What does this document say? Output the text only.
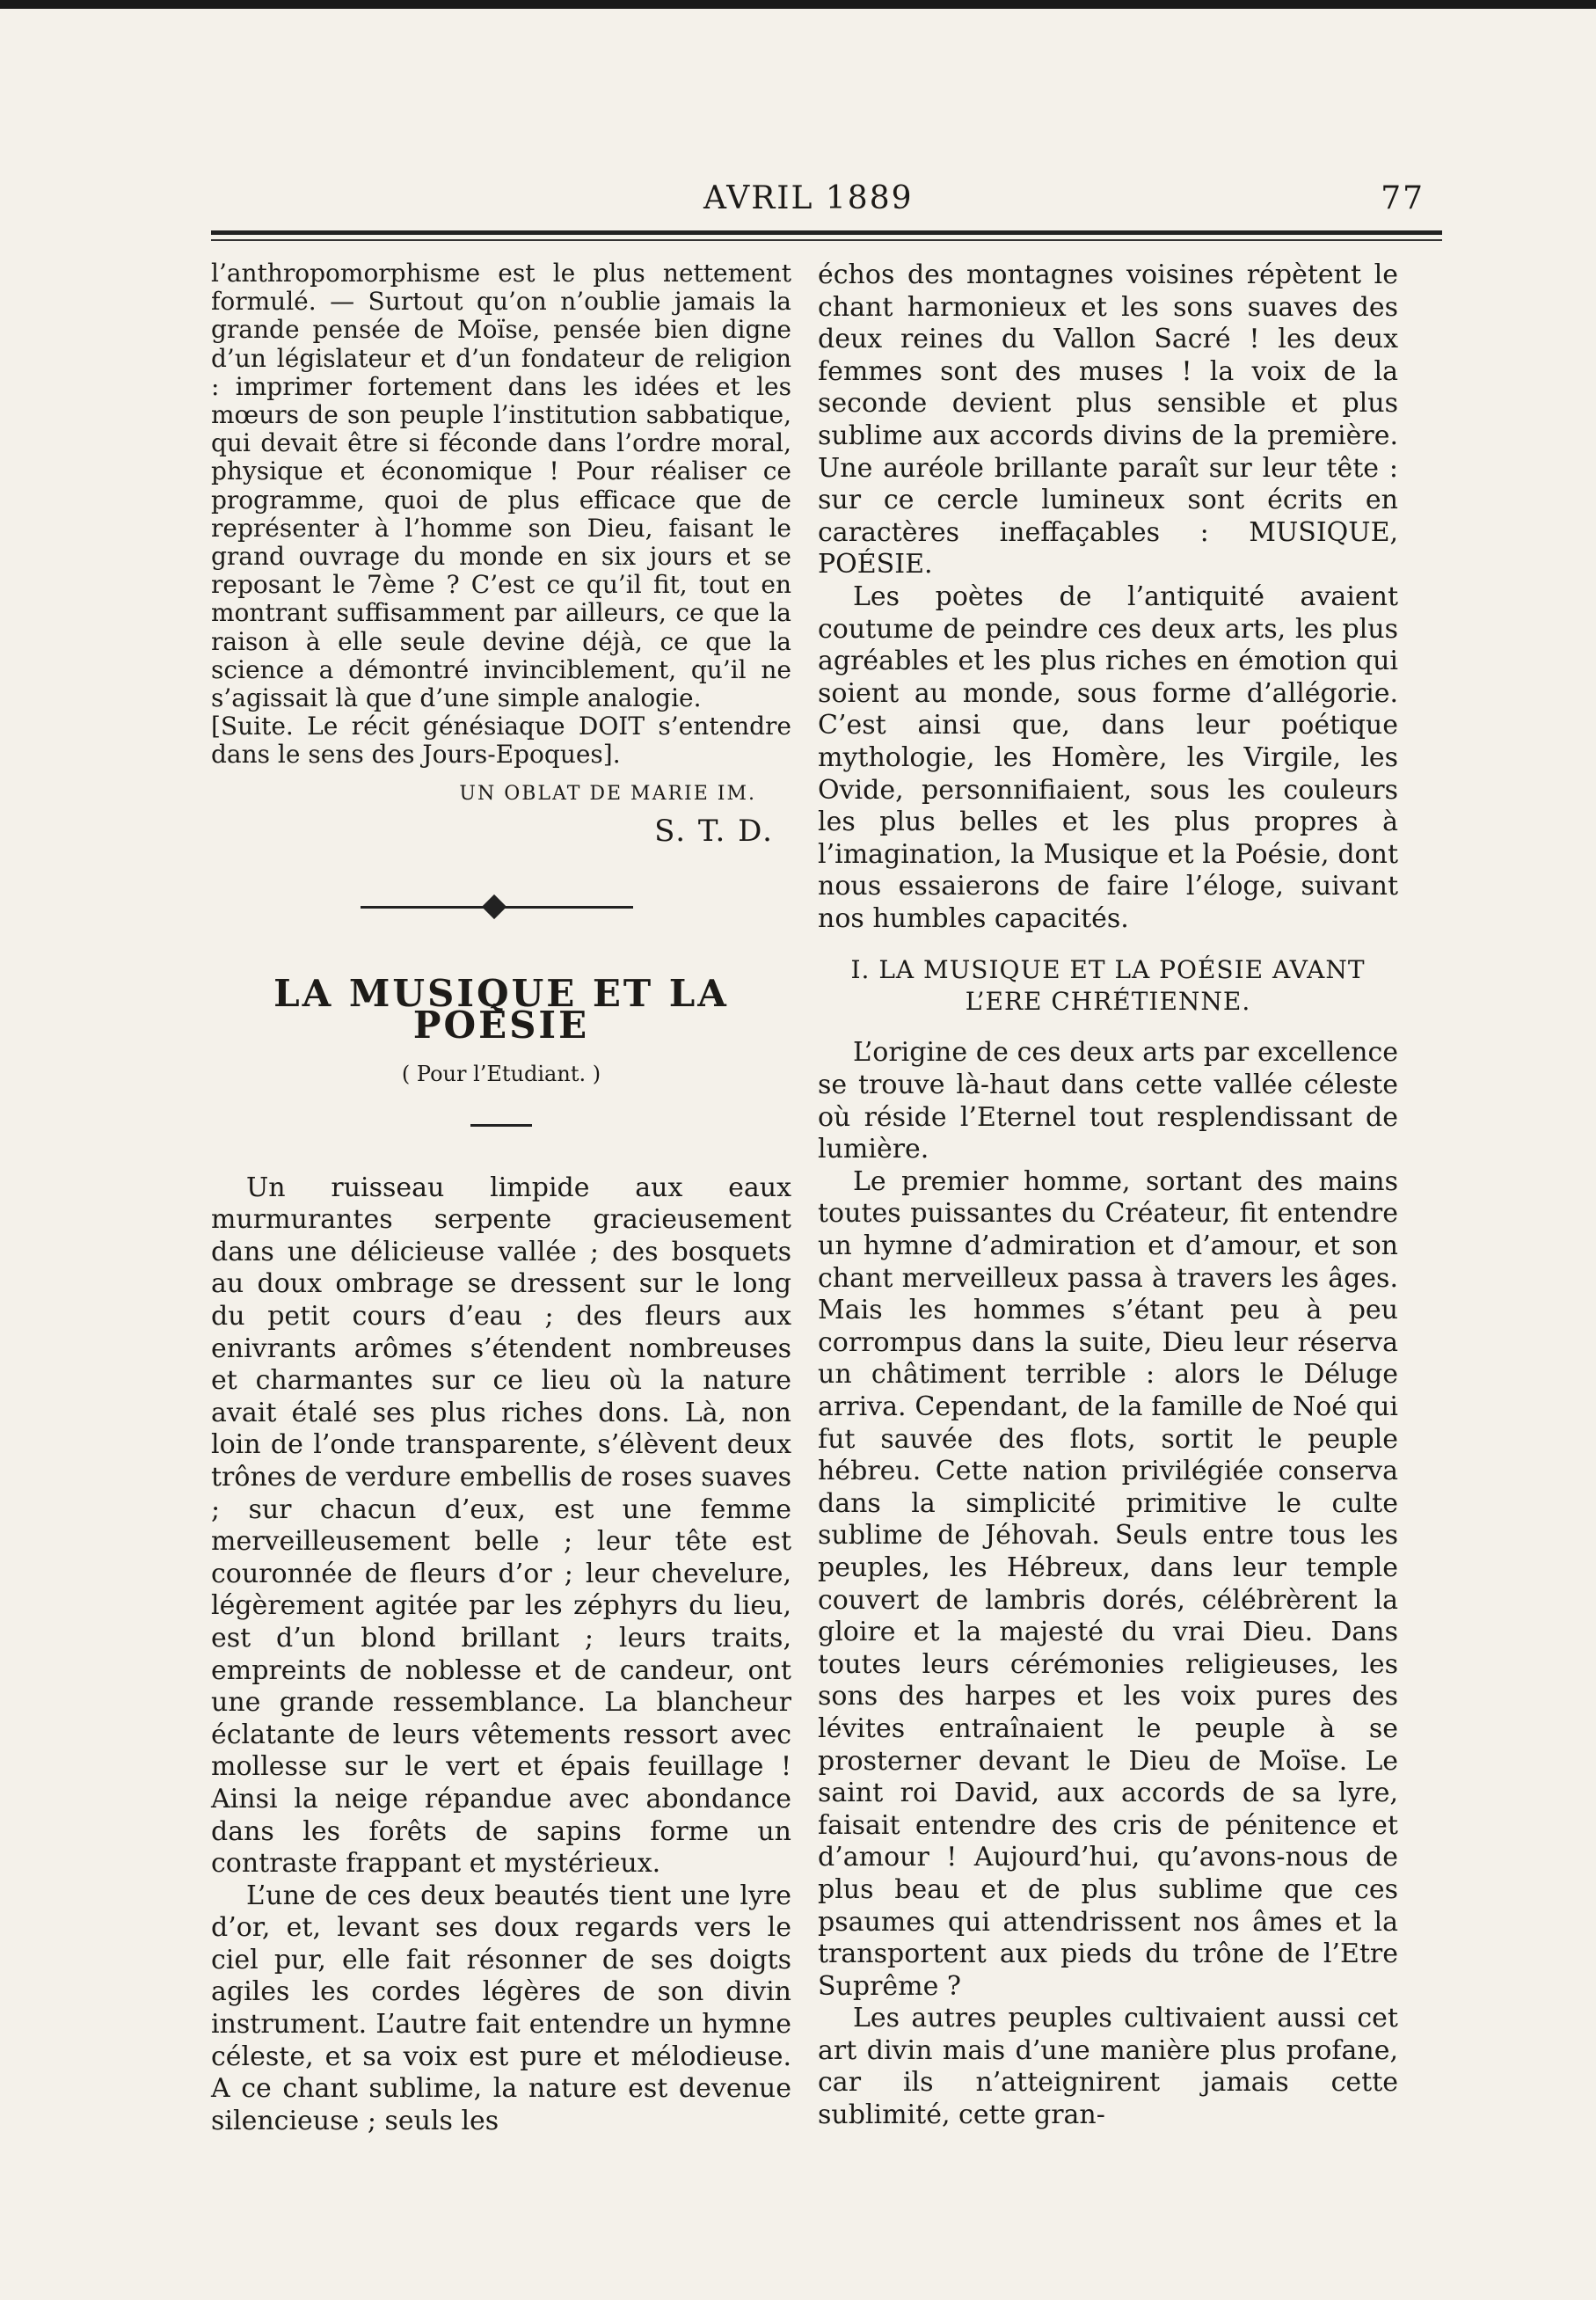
AVRIL 1889	77

l’anthropomorphisme est le plus nettement formulé. — Surtout qu’on n’oublie jamais la grande pensée de Moïse, pensée bien digne d’un législateur et d’un fondateur de religion : imprimer fortement dans les idées et les mœurs de son peuple l’institution sabbatique, qui devait être si féconde dans l’ordre moral, physique et économique ! Pour réaliser ce programme, quoi de plus efficace que de représenter à l’homme son Dieu, faisant le grand ouvrage du monde en six jours et se reposant le 7ème ? C’est ce qu’il fit, tout en montrant suffisamment par ailleurs, ce que la raison à elle seule devine déjà, ce que la science a démontré invinciblement, qu’il ne s’agissait là que d’une simple analogie.

[Suite. Le récit génésiaque DOIT s’entendre dans le sens des Jours-Epoques].

UN OBLAT DE MARIE IM.
S. T. D.
LA MUSIQUE ET LA POÉSIE
( Pour l’Etudiant. )

Un ruisseau limpide aux eaux murmurantes serpente gracieusement dans une délicieuse vallée ; des bosquets au doux ombrage se dressent sur le long du petit cours d’eau ; des fleurs aux enivrants arômes s’étendent nombreuses et charmantes sur ce lieu où la nature avait étalé ses plus riches dons. Là, non loin de l’onde transparente, s’élèvent deux trônes de verdure embellis de roses suaves ; sur chacun d’eux, est une femme merveilleusement belle ; leur tête est couronnée de fleurs d’or ; leur chevelure, légèrement agitée par les zéphyrs du lieu, est d’un blond brillant ; leurs traits, empreints de noblesse et de candeur, ont une grande ressemblance. La blancheur éclatante de leurs vêtements ressort avec mollesse sur le vert et épais feuillage ! Ainsi la neige répandue avec abondance dans les forêts de sapins forme un contraste frappant et mystérieux.

L’une de ces deux beautés tient une lyre d’or, et, levant ses doux regards vers le ciel pur, elle fait résonner de ses doigts agiles les cordes légères de son divin instrument. L’autre fait entendre un hymne céleste, et sa voix est pure et mélodieuse. A ce chant sublime, la nature est devenue silencieuse ; seuls les

échos des montagnes voisines répètent le chant harmonieux et les sons suaves des deux reines du Vallon Sacré ! les deux femmes sont des muses ! la voix de la seconde devient plus sensible et plus sublime aux accords divins de la première. Une auréole brillante paraît sur leur tête : sur ce cercle lumineux sont écrits en caractères ineffaçables : MUSIQUE, POÉSIE.

Les poètes de l’antiquité avaient coutume de peindre ces deux arts, les plus agréables et les plus riches en émotion qui soient au monde, sous forme d’allégorie. C’est ainsi que, dans leur poétique mythologie, les Homère, les Virgile, les Ovide, personnifiaient, sous les couleurs les plus belles et les plus propres à l’imagination, la Musique et la Poésie, dont nous essaierons de faire l’éloge, suivant nos humbles capacités.

I. LA MUSIQUE ET LA POÉSIE AVANT L’ERE CHRÉTIENNE.

L’origine de ces deux arts par excellence se trouve là-haut dans cette vallée céleste où réside l’Eternel tout resplendissant de lumière.

Le premier homme, sortant des mains toutes puissantes du Créateur, fit entendre un hymne d’admiration et d’amour, et son chant merveilleux passa à travers les âges. Mais les hommes s’étant peu à peu corrompus dans la suite, Dieu leur réserva un châtiment terrible : alors le Déluge arriva. Cependant, de la famille de Noé qui fut sauvée des flots, sortit le peuple hébreu. Cette nation privilégiée conserva dans la simplicité primitive le culte sublime de Jéhovah. Seuls entre tous les peuples, les Hébreux, dans leur temple couvert de lambris dorés, célébrèrent la gloire et la majesté du vrai Dieu. Dans toutes leurs cérémonies religieuses, les sons des harpes et les voix pures des lévites entraînaient le peuple à se prosterner devant le Dieu de Moïse. Le saint roi David, aux accords de sa lyre, faisait entendre des cris de pénitence et d’amour ! Aujourd’hui, qu’avons-nous de plus beau et de plus sublime que ces psaumes qui attendrissent nos âmes et la transportent aux pieds du trône de l’Etre Suprême ?

Les autres peuples cultivaient aussi cet art divin mais d’une manière plus profane, car ils n’atteignirent jamais cette sublimité, cette gran-
